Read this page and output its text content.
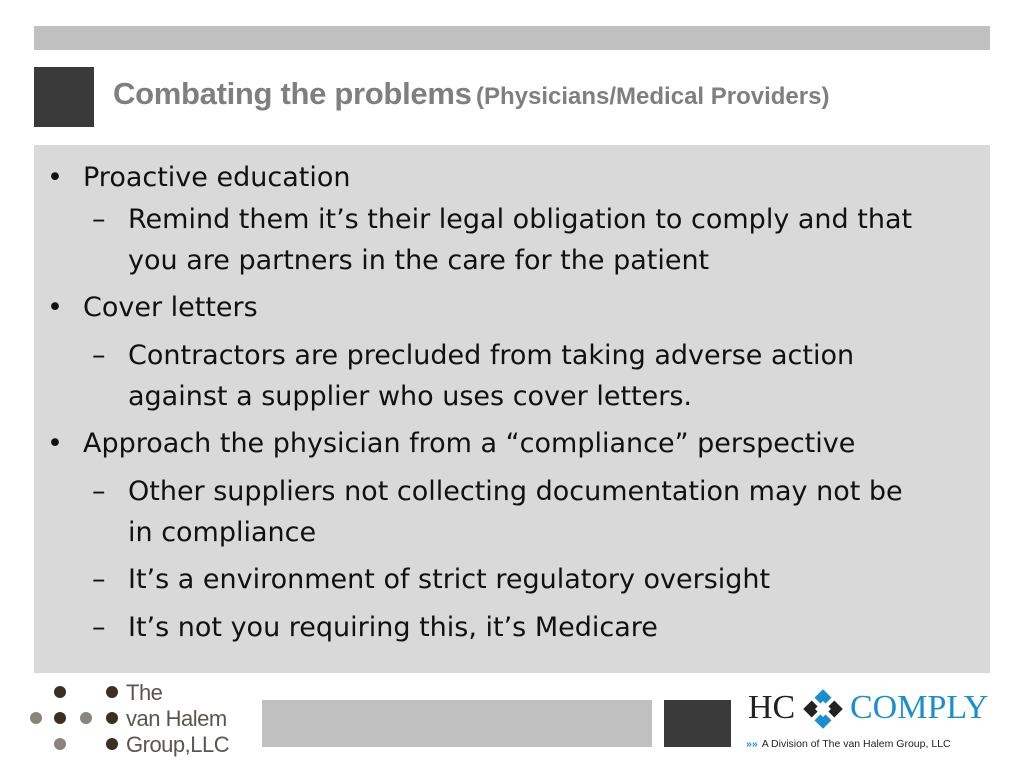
Combating the problems (Physicians/Medical Providers)
• Proactive education
– Remind them it’s their legal obligation to comply and that you are partners in the care for the patient
• Cover letters
– Contractors are precluded from taking adverse action against a supplier who uses cover letters.
• Approach the physician from a “compliance” perspective
– Other suppliers not collecting documentation may not be in compliance
– It’s a environment of strict regulatory oversight
– It’s not you requiring this, it’s Medicare
The
van Halem
Group,LLC
HC COMPLY
»» A Division of The van Halem Group, LLC
